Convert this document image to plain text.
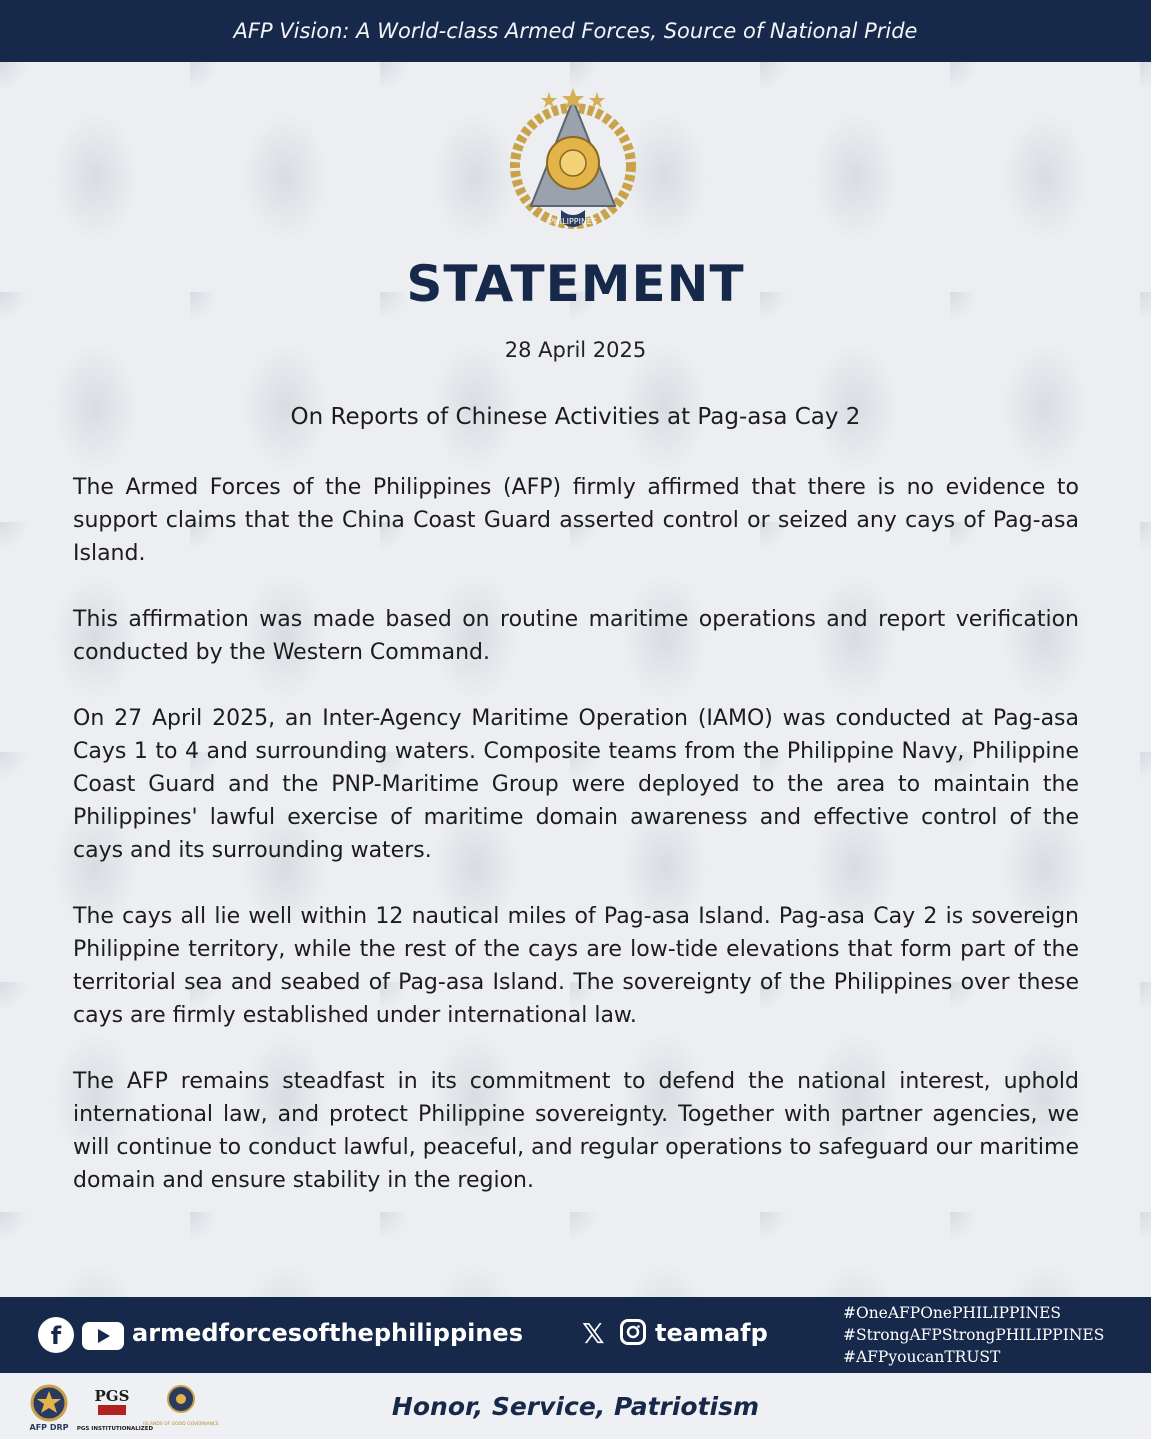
AFP Vision: A World-class Armed Forces, Source of National Pride
PHILIPPINES
STATEMENT
28 April 2025
On Reports of Chinese Activities at Pag-asa Cay 2

The Armed Forces of the Philippines (AFP) firmly affirmed that there is no evidence to support claims that the China Coast Guard asserted control or seized any cays of Pag-asa Island.

This affirmation was made based on routine maritime operations and report verification conducted by the Western Command.

On 27 April 2025, an Inter-Agency Maritime Operation (IAMO) was conducted at Pag-asa Cays 1 to 4 and surrounding waters. Composite teams from the Philippine Navy, Philippine Coast Guard and the PNP-Maritime Group were deployed to the area to maintain the Philippines' lawful exercise of maritime domain awareness and effective control of the cays and its surrounding waters.

The cays all lie well within 12 nautical miles of Pag-asa Island. Pag-asa Cay 2 is sovereign Philippine territory, while the rest of the cays are low-tide elevations that form part of the territorial sea and seabed of Pag-asa Island. The sovereignty of the Philippines over these cays are firmly established under international law.

The AFP remains steadfast in its commitment to defend the national interest, uphold international law, and protect Philippine sovereignty. Together with partner agencies, we will continue to conduct lawful, peaceful, and regular operations to safeguard our maritime domain and ensure stability in the region.

f	armedforcesofthephilippines 𝕏 teamafp
#OneAFPOnePHILIPPINES
#StrongAFPStrongPHILIPPINES
#AFPyoucanTRUST
AFP DRP
PGS
PGS INSTITUTIONALIZED
ISLANDS OF GOOD GOVERNANCE
Honor, Service, Patriotism
